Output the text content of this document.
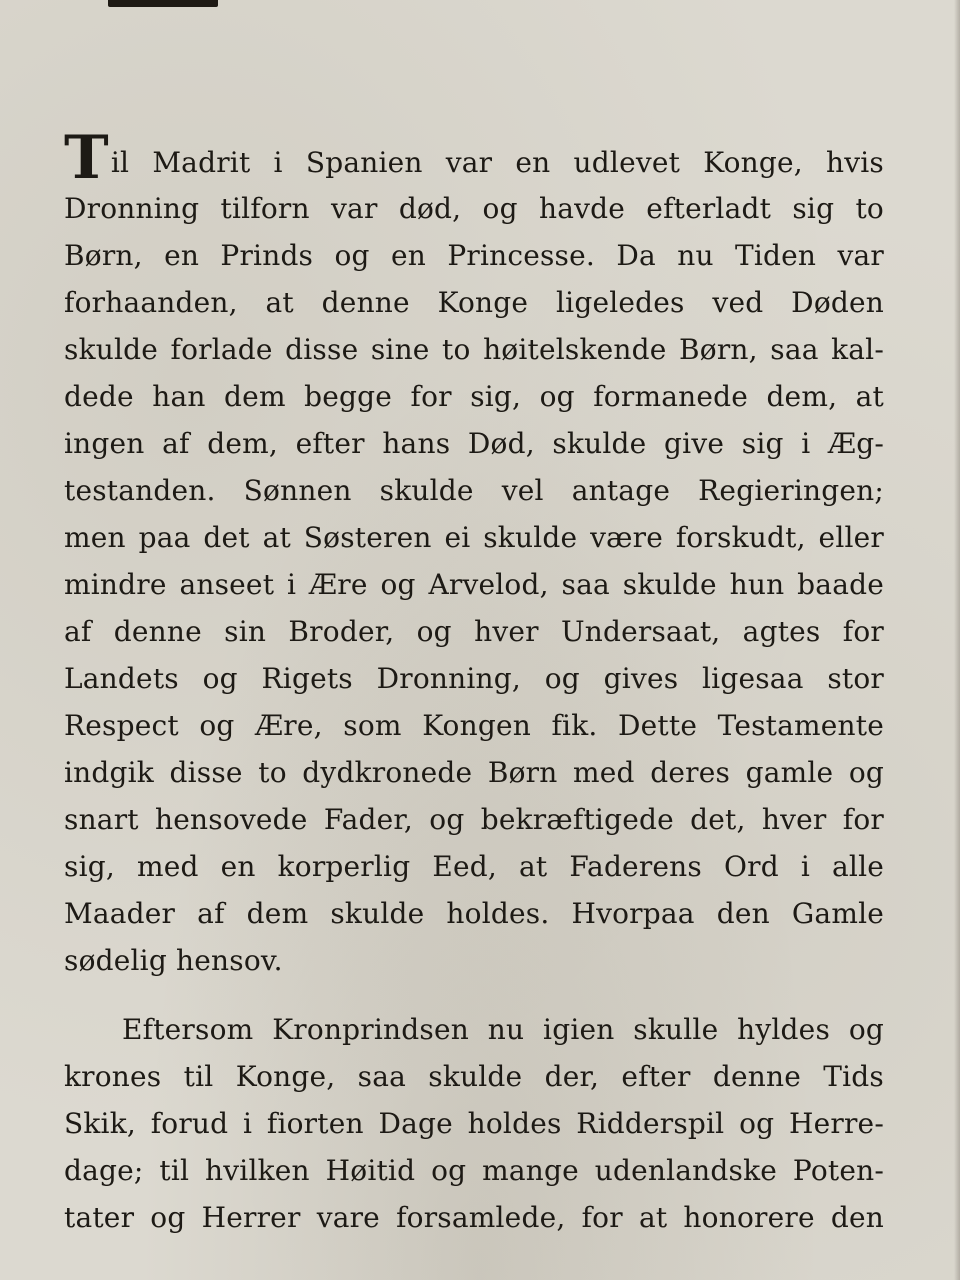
Til Madrit i Spanien var en udlevet Konge, hvis
Dronning tilforn var død, og havde efterladt sig to
Børn, en Prinds og en Princesse. Da nu Tiden var
forhaanden, at denne Konge ligeledes ved Døden
skulde forlade disse sine to høitelskende Børn, saa kal-
dede han dem begge for sig, og formanede dem, at
ingen af dem, efter hans Død, skulde give sig i Æg-
testanden. Sønnen skulde vel antage Regieringen;
men paa det at Søsteren ei skulde være forskudt, eller
mindre anseet i Ære og Arvelod, saa skulde hun baade
af denne sin Broder, og hver Undersaat, agtes for
Landets og Rigets Dronning, og gives ligesaa stor
Respect og Ære, som Kongen fik. Dette Testamente
indgik disse to dydkronede Børn med deres gamle og
snart hensovede Fader, og bekræftigede det, hver for
sig, med en korperlig Eed, at Faderens Ord i alle
Maader af dem skulde holdes. Hvorpaa den Gamle
sødelig hensov.
Eftersom Kronprindsen nu igien skulle hyldes og
krones til Konge, saa skulde der, efter denne Tids
Skik, forud i fiorten Dage holdes Ridderspil og Herre-
dage; til hvilken Høitid og mange udenlandske Poten-
tater og Herrer vare forsamlede, for at honorere den
